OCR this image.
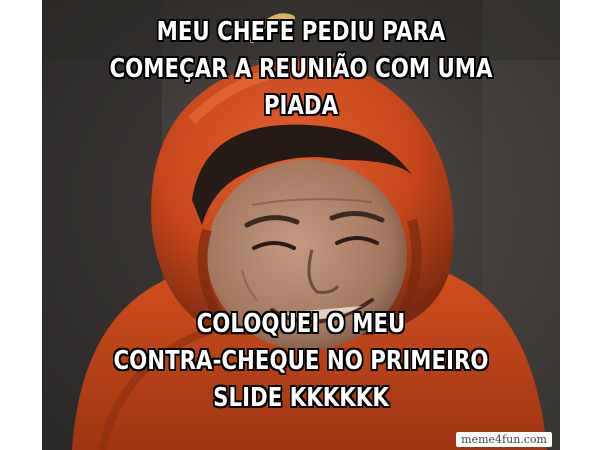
MEU CHEFE PEDIU PARA
COMEÇAR A REUNIÃO COM UMA
PIADA
COLOQUEI O MEU
CONTRA-CHEQUE NO PRIMEIRO
SLIDE KKKKKK
meme4fun.com
